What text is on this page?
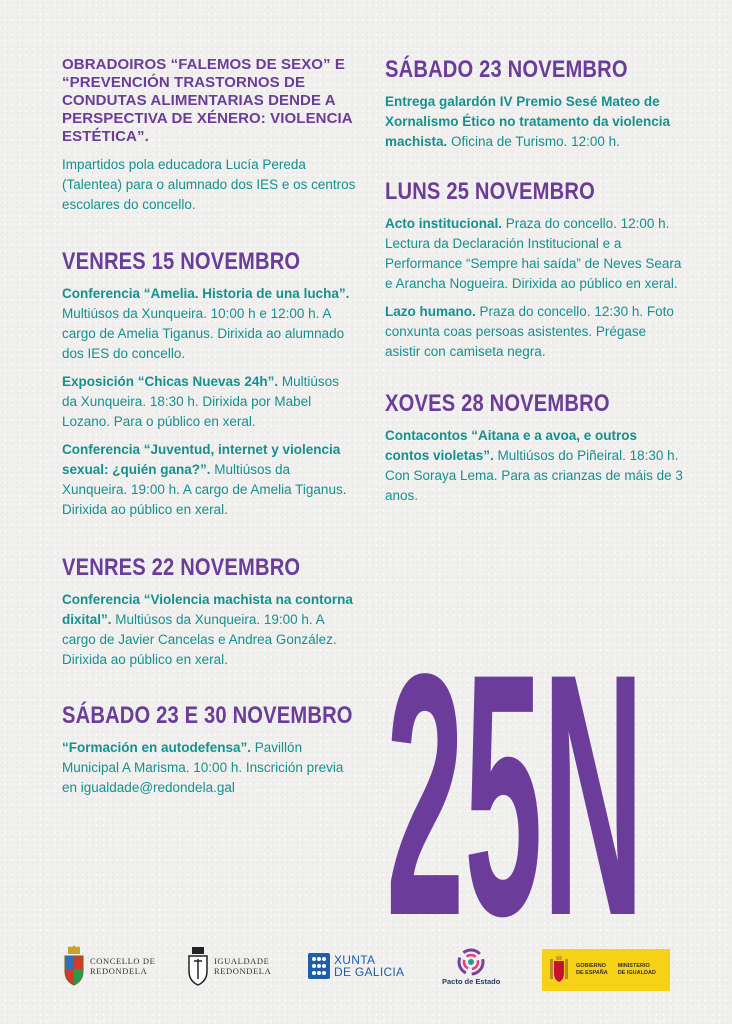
OBRADOIROS “FALEMOS DE SEXO” E “PREVENCIÓN TRASTORNOS DE CONDUTAS ALIMENTARIAS DENDE A PERSPECTIVA DE XÉNERO: VIOLENCIA ESTÉTICA”.

Impartidos pola educadora Lucía Pereda (Talentea) para o alumnado dos IES e os centros escolares do concello.

VENRES 15 NOVEMBRO

Conferencia “Amelia. Historia de una lucha”. Multiúsos da Xunqueira. 10:00 h e 12:00 h. A cargo de Amelia Tiganus. Dirixida ao alumnado dos IES do concello.

Exposición “Chicas Nuevas 24h”. Multiúsos da Xunqueira. 18:30 h. Dirixida por Mabel Lozano. Para o público en xeral.

Conferencia “Juventud, internet y violencia sexual: ¿quién gana?”. Multiúsos da Xunqueira. 19:00 h. A cargo de Amelia Tiganus. Dirixida ao público en xeral.

VENRES 22 NOVEMBRO

Conferencia “Violencia machista na contorna dixital”. Multiúsos da Xunqueira. 19:00 h. A cargo de Javier Cancelas e Andrea González. Dirixida ao público en xeral.

SÁBADO 23 E 30 NOVEMBRO

“Formación en autodefensa”. Pavillón Municipal A Marisma. 10:00 h. Inscrición previa en igualdade@redondela.gal

SÁBADO 23 NOVEMBRO

Entrega galardón IV Premio Sesé Mateo de Xornalismo Ético no tratamento da violencia machista. Oficina de Turismo. 12:00 h.

LUNS 25 NOVEMBRO

Acto institucional. Praza do concello. 12:00 h. Lectura da Declaración Institucional e a Performance “Sempre hai saída” de Neves Seara e Arancha Nogueira. Dirixida ao público en xeral.

Lazo humano. Praza do concello. 12:30 h. Foto conxunta coas persoas asistentes. Prégase asistir con camiseta negra.

XOVES 28 NOVEMBRO

Contacontos “Aitana e a avoa, e outros contos violetas”. Multiúsos do Piñeiral. 18:30 h. Con Soraya Lema. Para as crianzas de máis de 3 anos.

25N
CONCELLO DE
REDONDELA
IGUALDADE
REDONDELA
XUNTA
DE GALICIA
Pacto de Estado
GOBIERNO
DE ESPAÑA
MINISTERIO
DE IGUALDAD
